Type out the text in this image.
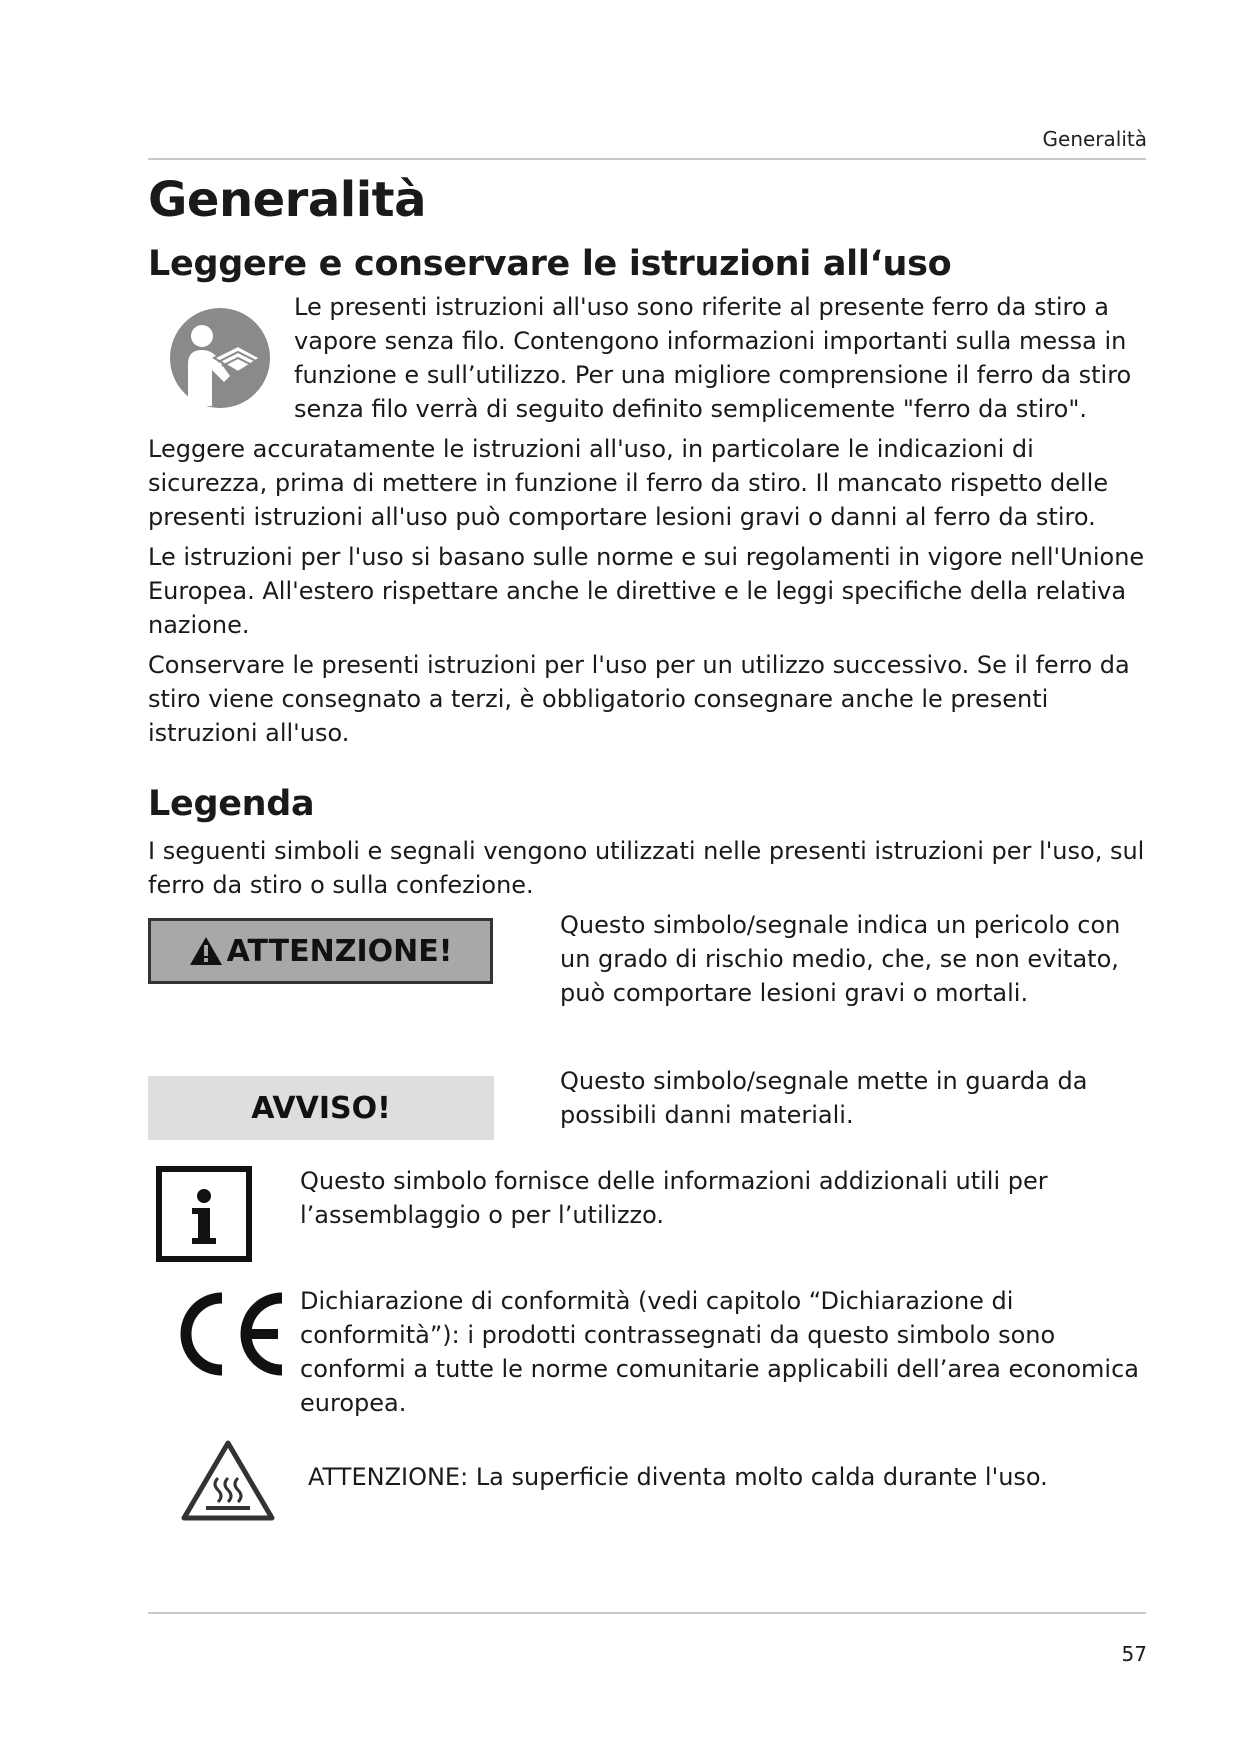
Generalità
Generalità
Leggere e conservare le istruzioni all‘uso

Le presenti istruzioni all'uso sono riferite al presente ferro da stiro a vapore senza filo. Contengono informazioni importanti sulla messa in funzione e sull’utilizzo. Per una migliore comprensione il ferro da stiro senza filo verrà di seguito definito semplicemente "ferro da stiro".

Leggere accuratamente le istruzioni all'uso, in particolare le indicazioni di sicurezza, prima di mettere in funzione il ferro da stiro. Il mancato rispetto delle presenti istruzioni all'uso può comportare lesioni gravi o danni al ferro da stiro.

Le istruzioni per l'uso si basano sulle norme e sui regolamenti in vigore nell'Unione Europea. All'estero rispettare anche le direttive e le leggi specifiche della relativa nazione.

Conservare le presenti istruzioni per l'uso per un utilizzo successivo. Se il ferro da stiro viene consegnato a terzi, è obbligatorio consegnare anche le presenti istruzioni all'uso.

Legenda

I seguenti simboli e segnali vengono utilizzati nelle presenti istruzioni per l'uso, sul ferro da stiro o sulla confezione.

ATTENZIONE!

Questo simbolo/segnale indica un pericolo con un grado di rischio medio, che, se non evitato, può comportare lesioni gravi o mortali.

AVVISO!

Questo simbolo/segnale mette in guarda da possibili danni materiali.

Questo simbolo fornisce delle informazioni addizionali utili per l’assemblaggio o per l’utilizzo.

Dichiarazione di conformità (vedi capitolo “Dichiarazione di conformità”): i prodotti contrassegnati da questo simbolo sono conformi a tutte le norme comunitarie applicabili dell’area economica europea.

ATTENZIONE: La superficie diventa molto calda durante l'uso.

57
